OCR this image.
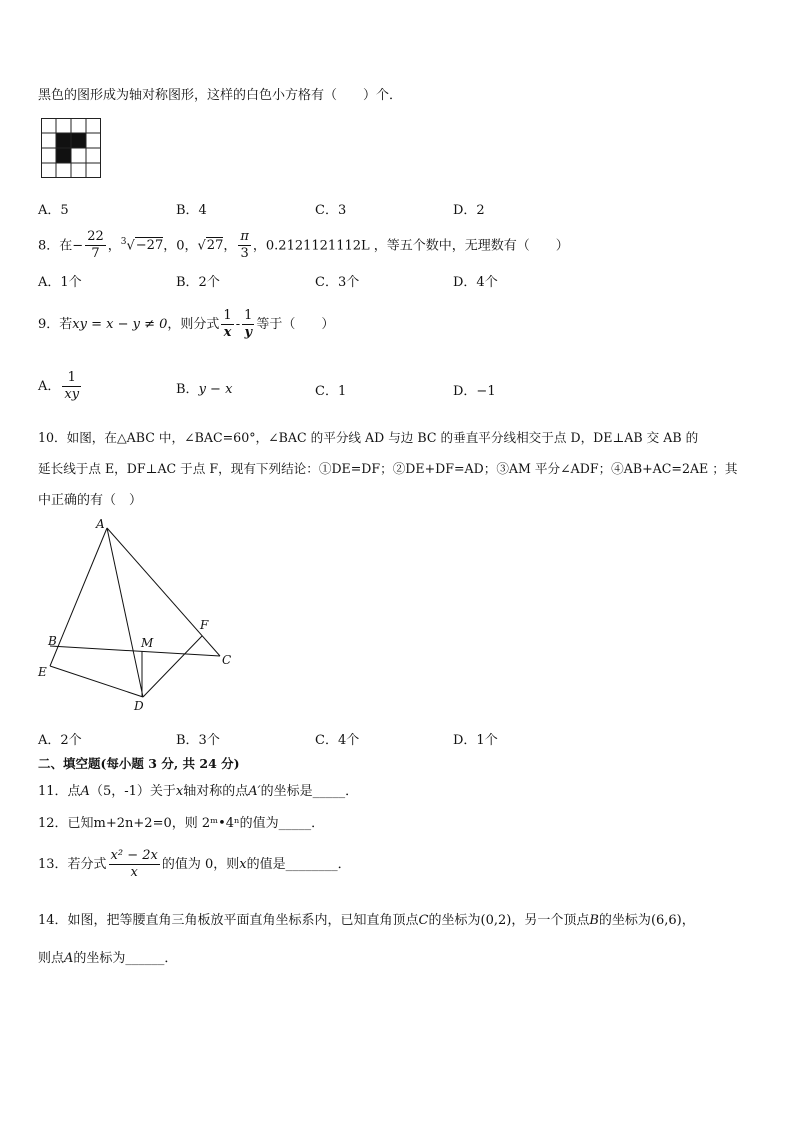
黑色的图形成为轴对称图形，这样的白色小方格有（　　）个．
A．5	B．4	C．3	D．2
8．在− $\frac{22}{7}$ ，$^3$√−27，0，√27， $\frac{\pi}{3}$ ，0.2121121112L ，等五个数中，无理数有（　　）
A．1个	B．2个	C．3个	D．4个
9．若xy = x − y ≠ 0，则分式 $\frac{1}{x} - \frac{1}{y}$ 等于（　　）
A． $\frac{1}{xy}$	B．y − x	C．1	D．−1
10．如图，在△ABC 中，∠BAC=60°，∠BAC 的平分线 AD 与边 BC 的垂直平分线相交于点 D，DE⊥AB 交 AB 的
延长线于点 E，DF⊥AC 于点 F，现有下列结论：①DE=DF；②DE+DF=AD；③AM 平分∠ADF；④AB+AC=2AE ；其
中正确的有（　）
A
B
C
D
E
F
M
A．2个	B．3个	C．4个	D．1个
二、填空题(每小题 3 分, 共 24 分)
11．点A（5，-1）关于x轴对称的点A′的坐标是_____．
12．已知m+2n+2=0，则 2ᵐ•4ⁿ的值为_____．
13．若分式 $\frac{\text{x² − 2x}}{x}$ 的值为 0，则x的值是________．
14．如图，把等腰直角三角板放平面直角坐标系内，已知直角顶点C的坐标为(0,2)，另一个顶点B的坐标为(6,6)，
则点A的坐标为______．
